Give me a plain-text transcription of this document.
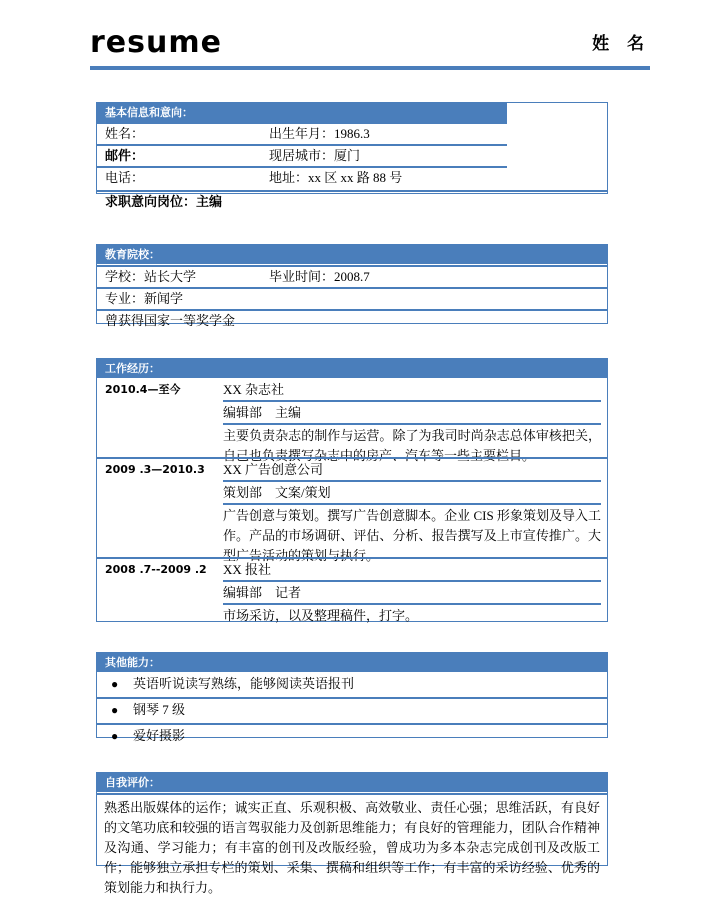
resume	姓 名
基本信息和意向：
姓名：	出生年月：1986.3
邮件：	现居城市：厦门
电话：	地址：xx 区 xx 路 88 号
求职意向岗位：主编
教育院校：
学校：站长大学	毕业时间：2008.7
专业：新闻学
曾获得国家一等奖学金
工作经历：
2010.4—至今	XX 杂志社
编辑部　主编
主要负责杂志的制作与运营。除了为我司时尚杂志总体审核把关，自己也负责撰写杂志中的房产、汽车等一些主要栏目。
2009 .3—2010.3	XX 广告创意公司
策划部　文案/策划
广告创意与策划。撰写广告创意脚本。企业 CIS 形象策划及导入工作。产品的市场调研、评估、分析、报告撰写及上市宣传推广。大型广告活动的策划与执行。
2008 .7--2009 .2	XX 报社
编辑部　记者
市场采访，以及整理稿件，打字。
其他能力：
● 英语听说读写熟练，能够阅读英语报刊
● 钢琴 7 级
● 爱好摄影
自我评价：
熟悉出版媒体的运作；诚实正直、乐观积极、高效敬业、责任心强；思维活跃，有良好的文笔功底和较强的语言驾驭能力及创新思维能力；有良好的管理能力，团队合作精神及沟通、学习能力；有丰富的创刊及改版经验，曾成功为多本杂志完成创刊及改版工作；能够独立承担专栏的策划、采集、撰稿和组织等工作；有丰富的采访经验、优秀的策划能力和执行力。
